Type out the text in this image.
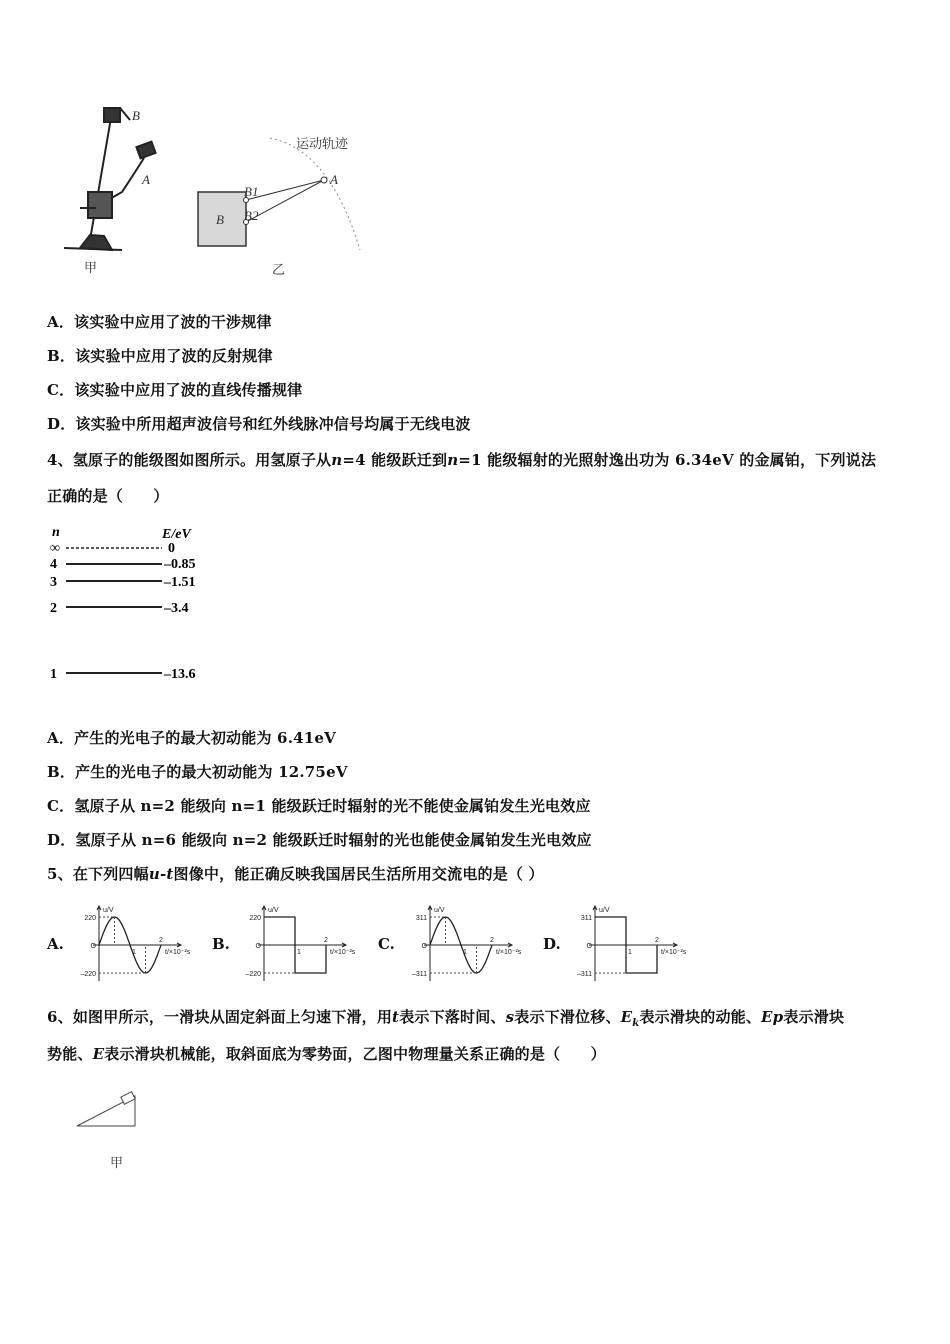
B
A
甲
运动轨迹
A
B
B1
B2
乙
A．该实验中应用了波的干涉规律
B．该实验中应用了波的反射规律
C．该实验中应用了波的直线传播规律
D．该实验中所用超声波信号和红外线脉冲信号均属于无线电波
4、氢原子的能级图如图所示。用氢原子从n=4 能级跃迁到n=1 能级辐射的光照射逸出功为 6.34eV 的金属铂，下列说法
正确的是（　　）
n	E/eV
∞	0
4	–0.85
3	–1.51
2	–3.4
1	–13.6
A．产生的光电子的最大初动能为 6.41eV
B．产生的光电子的最大初动能为 12.75eV
C．氢原子从 n=2 能级向 n=1 能级跃迁时辐射的光不能使金属铂发生光电效应
D．氢原子从 n=6 能级向 n=2 能级跃迁时辐射的光也能使金属铂发生光电效应
5、在下列四幅u-t图像中，能正确反映我国居民生活所用交流电的是（ ）
A.
u/V
220
–220
O
1
2
t/×10⁻²s B.
u/V
220
–220
O
1
2
t/×10⁻²s C.
u/V
311
–311
O
1
2
t/×10⁻²s D.
u/V
311
–311
O
1
2
t/×10⁻²s
6、如图甲所示，一滑块从固定斜面上匀速下滑，用t表示下落时间、s表示下滑位移、$E_k$表示滑块的动能、Ep表示滑块
势能、E表示滑块机械能，取斜面底为零势面，乙图中物理量关系正确的是（　　）
甲
